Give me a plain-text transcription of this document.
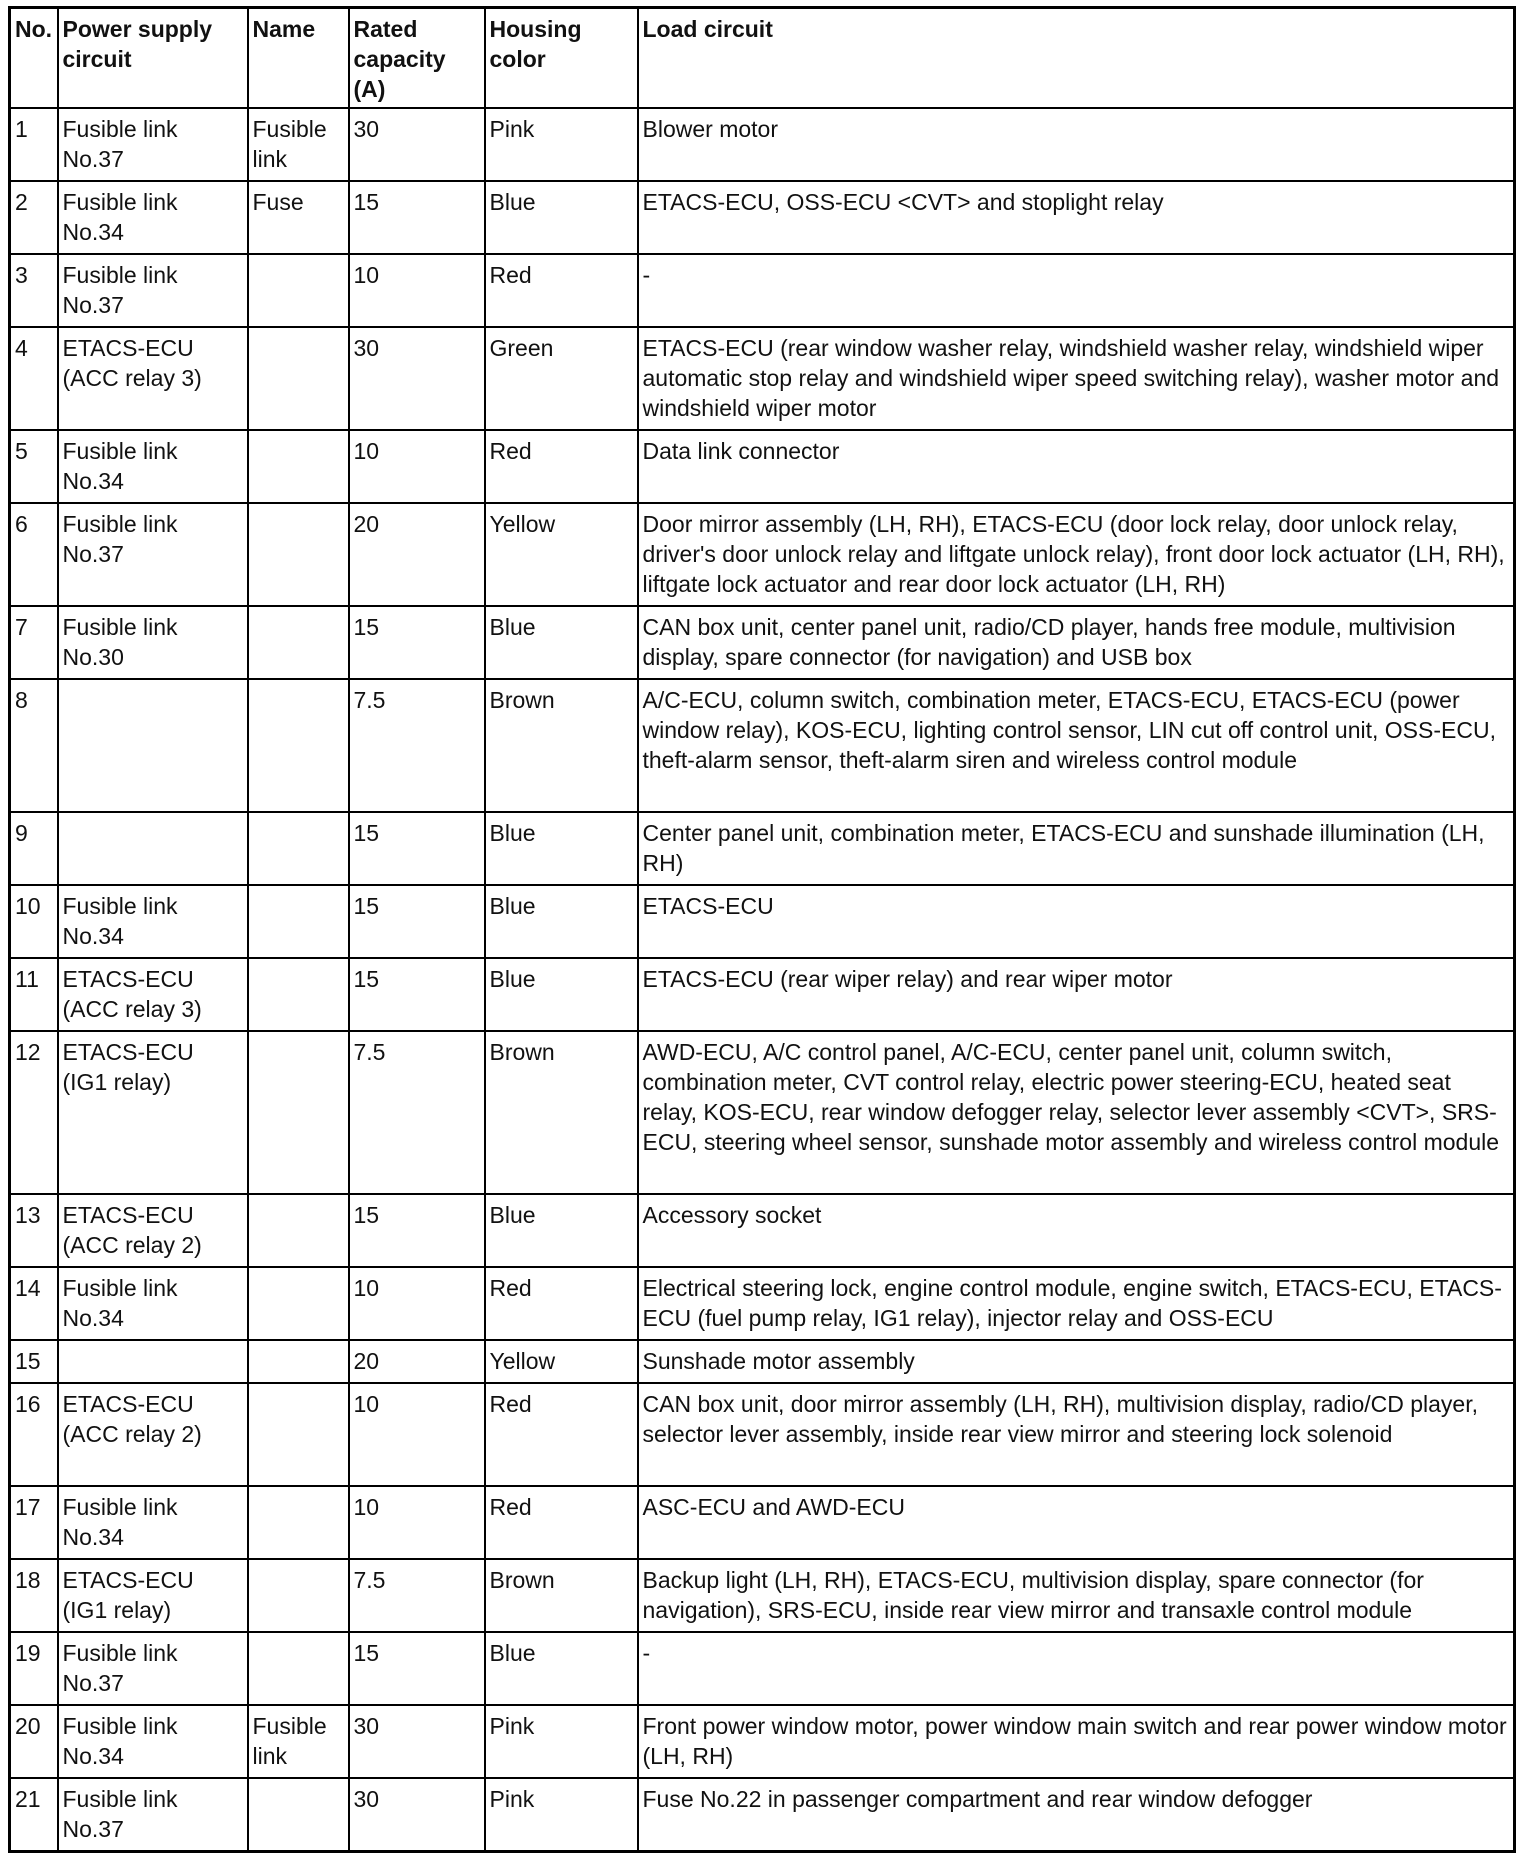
No.	Power supply circuit	Name	Rated capacity (A)	Housing color	Load circuit
1	Fusible link No.37	Fusible link	30	Pink	Blower motor
2	Fusible link No.34	Fuse	15	Blue	ETACS-ECU, OSS-ECU <CVT> and stoplight relay
3	Fusible link No.37		10	Red	-
4	ETACS-ECU (ACC relay 3)		30	Green	ETACS-ECU (rear window washer relay, windshield washer relay, windshield wiper automatic stop relay and windshield wiper speed switching relay), washer motor and windshield wiper motor
5	Fusible link No.34		10	Red	Data link connector
6	Fusible link No.37		20	Yellow	Door mirror assembly (LH, RH), ETACS-ECU (door lock relay, door unlock relay, driver's door unlock relay and liftgate unlock relay), front door lock actuator (LH, RH), liftgate lock actuator and rear door lock actuator (LH, RH)
7	Fusible link No.30		15	Blue	CAN box unit, center panel unit, radio/CD player, hands free module, multivision display, spare connector (for navigation) and USB box
8			7.5	Brown	A/C-ECU, column switch, combination meter, ETACS-ECU, ETACS-ECU (power window relay), KOS-ECU, lighting control sensor, LIN cut off control unit, OSS-ECU, theft-alarm sensor, theft-alarm siren and wireless control module
9			15	Blue	Center panel unit, combination meter, ETACS-ECU and sunshade illumination (LH, RH)
10	Fusible link No.34		15	Blue	ETACS-ECU
11	ETACS-ECU (ACC relay 3)		15	Blue	ETACS-ECU (rear wiper relay) and rear wiper motor
12	ETACS-ECU (IG1 relay)		7.5	Brown	AWD-ECU, A/C control panel, A/C-ECU, center panel unit, column switch, combination meter, CVT control relay, electric power steering-ECU, heated seat relay, KOS-ECU, rear window defogger relay, selector lever assembly <CVT>, SRS-ECU, steering wheel sensor, sunshade motor assembly and wireless control module
13	ETACS-ECU (ACC relay 2)		15	Blue	Accessory socket
14	Fusible link No.34		10	Red	Electrical steering lock, engine control module, engine switch, ETACS-ECU, ETACS-ECU (fuel pump relay, IG1 relay), injector relay and OSS-ECU
15			20	Yellow	Sunshade motor assembly
16	ETACS-ECU (ACC relay 2)		10	Red	CAN box unit, door mirror assembly (LH, RH), multivision display, radio/CD player, selector lever assembly, inside rear view mirror and steering lock solenoid
17	Fusible link No.34		10	Red	ASC-ECU and AWD-ECU
18	ETACS-ECU (IG1 relay)		7.5	Brown	Backup light (LH, RH), ETACS-ECU, multivision display, spare connector (for navigation), SRS-ECU, inside rear view mirror and transaxle control module
19	Fusible link No.37		15	Blue	-
20	Fusible link No.34	Fusible link	30	Pink	Front power window motor, power window main switch and rear power window motor (LH, RH)
21	Fusible link No.37		30	Pink	Fuse No.22 in passenger compartment and rear window defogger
